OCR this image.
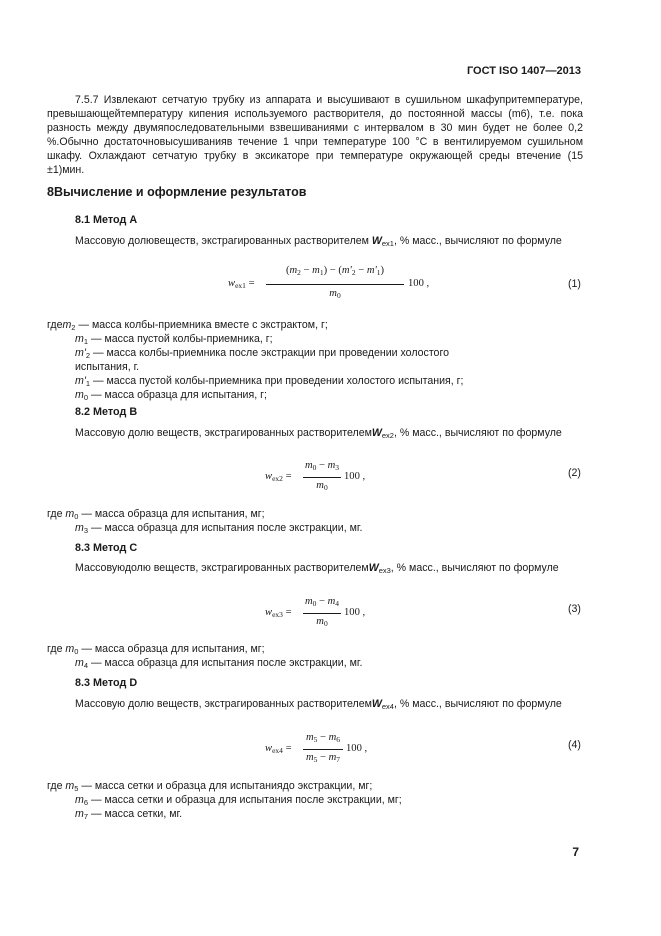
ГОСТ ISO 1407—2013
7.5.7 Извлекают сетчатую трубку из аппарата и высушивают в сушильном шкафупритемпературе, превышающейтемпературу кипения используемого растворителя, до постоянной массы (m6), т.е. пока разность между двумяпоследовательными взвешиваниями с интервалом в 30 мин будет не более 0,2 %.Обычно достаточновысушиванияв течение 1 чпри температуре 100 °С в вентилируемом сушильном шкафу. Охлаждают сетчатую трубку в эксикаторе при температуре окружающей среды втечение (15 ±1)мин.
8Вычисление и оформление результатов
8.1 Метод А
Массовую долювеществ, экстрагированных растворителем $W_{ex1}$, % масс., вычисляют по формуле
$w_{ex1}$ =
$(m_2 - m_1) - (m'_2 - m'_1)$
$m_0$
100 ,	(1)
гдеm$_2$ — масса колбы-приемника вместе с экстрактом, г;
$m_1$ — масса пустой колбы-приемника, г;
$m'_2$ — масса колбы-приемника после экстракции при проведении холостого испытания, г.
$m'_1$ — масса пустой колбы-приемника при проведении холостого испытания, г;
$m_0$ — масса образца для испытания, г;
8.2 Метод В
Массовую долю веществ, экстрагированных растворителемW$_{ex2}$, % масс., вычисляют по формуле
$w_{ex2}$ =
$m_0 - m_3$
$m_0$
100 ,	(2)
где $m_0$ — масса образца для испытания, мг;
$m_3$ — масса образца для испытания после экстракции, мг.
8.3 Метод С
Массовуюдолю веществ, экстрагированных растворителемW$_{ex3}$, % масс., вычисляют по формуле
$w_{ex3}$ =
$m_0 - m_4$
$m_0$
100 ,	(3)
где $m_0$ — масса образца для испытания, мг;
$m_4$ — масса образца для испытания после экстракции, мг.
8.3 Метод D
Массовую долю веществ, экстрагированных растворителемW$_{ex4}$, % масс., вычисляют по формуле
$w_{ex4}$ =
$m_5 - m_6$
$m_5 - m_7$
100 ,	(4)
где $m_5$ — масса сетки и образца для испытаниядо экстракции, мг;
$m_6$ — масса сетки и образца для испытания после экстракции, мг;
$m_7$ — масса сетки, мг.
7
